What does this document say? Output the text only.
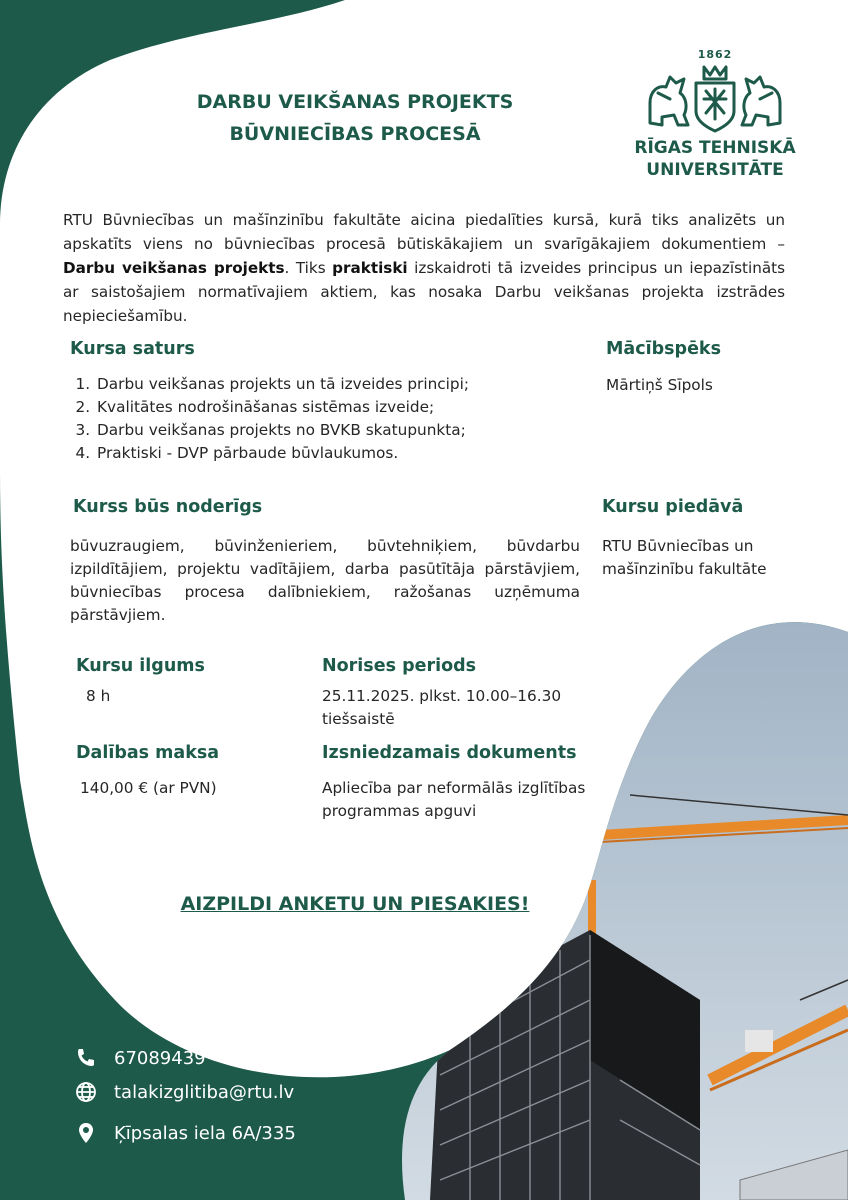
DARBU VEIKŠANAS PROJEKTS
BŪVNIECĪBAS PROCESĀ
1862
RĪGAS TEHNISKĀ
UNIVERSITĀTE
RTU Būvniecības un mašīnzinību fakultāte aicina piedalīties kursā, kurā tiks analizēts un apskatīts viens no būvniecības procesā būtiskākajiem un svarīgākajiem dokumentiem – Darbu veikšanas projekts. Tiks praktiski izskaidroti tā izveides principus un iepazīstināts ar saistošajiem normatīvajiem aktiem, kas nosaka Darbu veikšanas projekta izstrādes nepieciešamību.
Kursa saturs
1. Darbu veikšanas projekts un tā izveides principi;
2. Kvalitātes nodrošināšanas sistēmas izveide;
3. Darbu veikšanas projekts no BVKB skatupunkta;
4. Praktiski - DVP pārbaude būvlaukumos.
Mācībspēks
Mārtiņš Sīpols
Kurss būs noderīgs
būvuzraugiem, būvinženieriem, būvtehniķiem, būvdarbu izpildītājiem, projektu vadītājiem, darba pasūtītāja pārstāvjiem, būvniecības procesa dalībniekiem, ražošanas uzņēmuma pārstāvjiem.
Kursu piedāvā
RTU Būvniecības un mašīnzinību fakultāte
Kursu ilgums
8 h
Norises periods
25.11.2025. plkst. 10.00–16.30
tiešsaistē
Dalības maksa
140,00 € (ar PVN)
Izsniedzamais dokuments
Apliecība par neformālās izglītības
programmas apguvi
AIZPILDI ANKETU UN PIESAKIES!
67089439
talakizglitiba@rtu.lv
Ķīpsalas iela 6A/335
